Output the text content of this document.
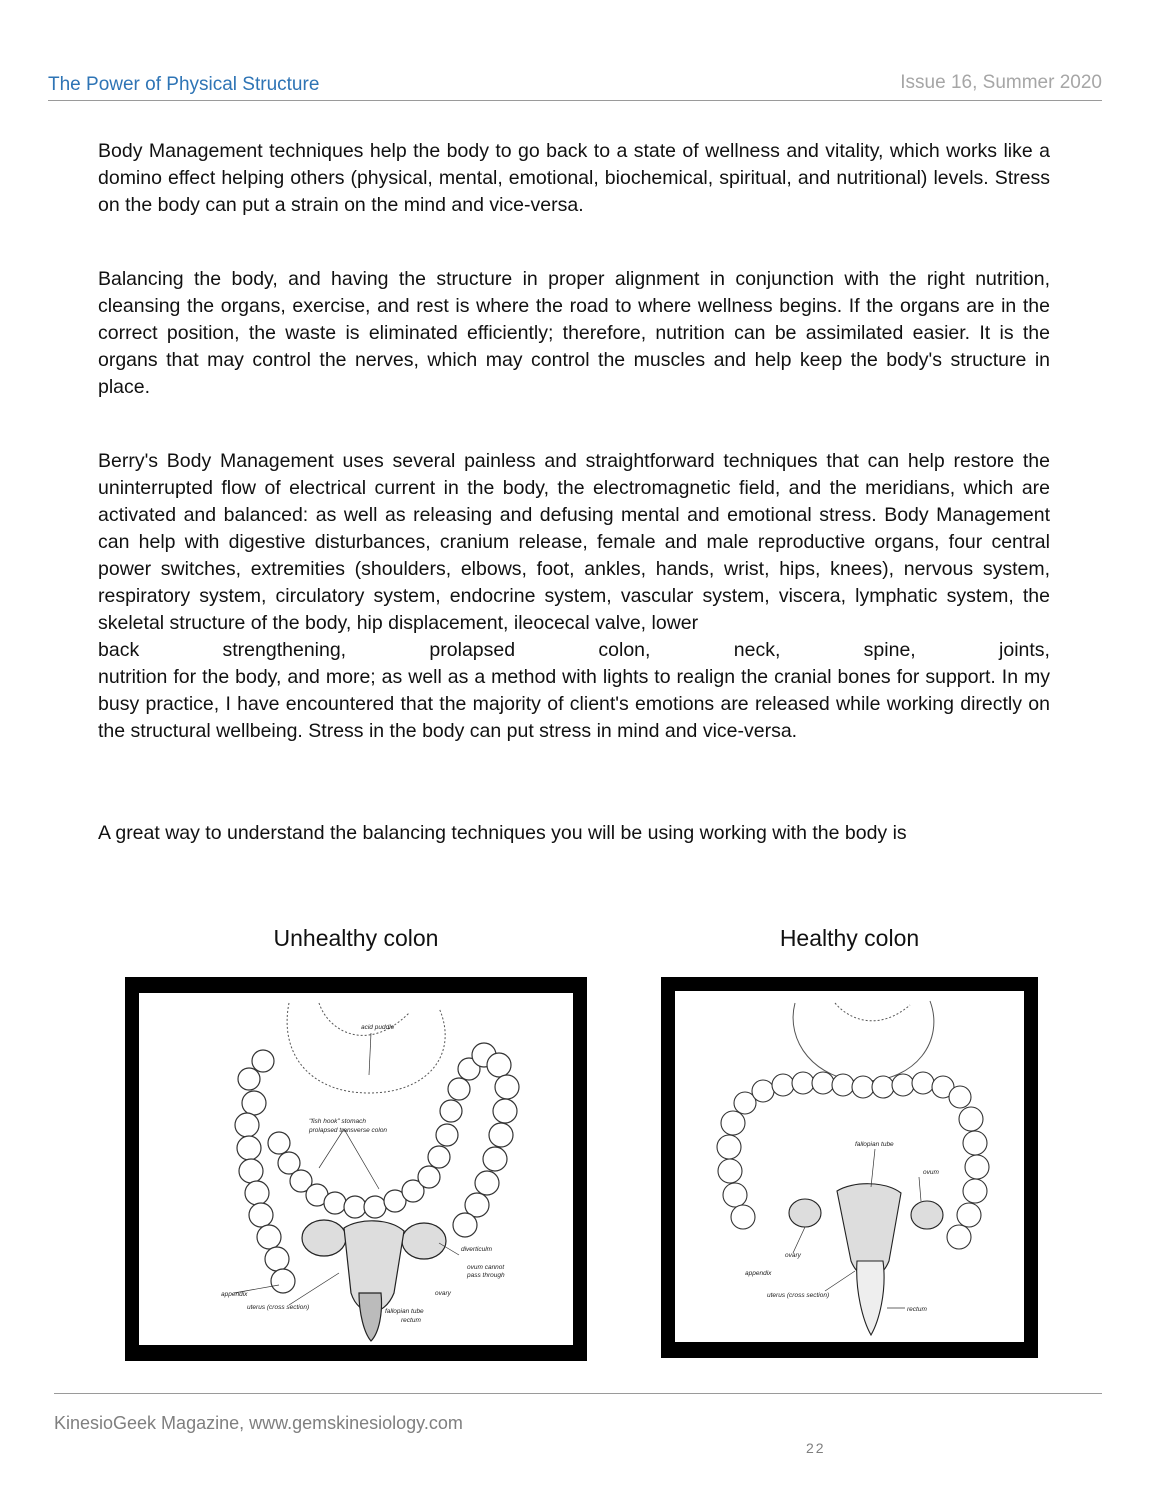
The Power of Physical Structure	Issue 16, Summer 2020

Body Management techniques help the body to go back to a state of wellness and vitality, which works like a domino effect helping others (physical, mental, emotional, biochemical, spiritual, and nutritional) levels. Stress on the body can put a strain on the mind and vice-versa.

Balancing the body, and having the structure in proper alignment in conjunction with the right nutrition, cleansing the organs, exercise, and rest is where the road to where wellness begins. If the organs are in the correct position, the waste is eliminated efficiently; therefore, nutrition can be assimilated easier. It is the organs that may control the nerves, which may control the muscles and help keep the body's structure in place.

Berry's Body Management uses several painless and straightforward techniques that can help restore the uninterrupted flow of electrical current in the body, the electromagnetic field, and the meridians, which are activated and balanced: as well as releasing and defusing mental and emotional stress. Body Management can help with digestive disturbances, cranium release, female and male reproductive organs, four central power switches, extremities (shoulders, elbows, foot, ankles, hands, wrist, hips, knees), nervous system, respiratory system, circulatory system, endocrine system, vascular system, viscera, lymphatic system, the skeletal structure of the body, hip displacement, ileocecal valve, lower
back	strengthening,	prolapsed	colon,	neck,	spine,	joints,
nutrition for the body, and more; as well as a method with lights to realign the cranial bones for support. In my busy practice, I have encountered that the majority of client's emotions are released while working directly on the structural wellbeing. Stress in the body can put stress in mind and vice-versa.

A great way to understand the balancing techniques you will be using working with the body is

Unhealthy colon	Healthy colon
acid puddle
"fish hook" stomach
prolapsed transverse colon
diverticulm
ovum cannot
pass through
ovary
appendix
uterus (cross section)
fallopian tube
rectum
fallopian tube
ovum
ovary
appendix
uterus (cross section)
rectum
KinesioGeek Magazine, www.gemskinesiology.com
22
